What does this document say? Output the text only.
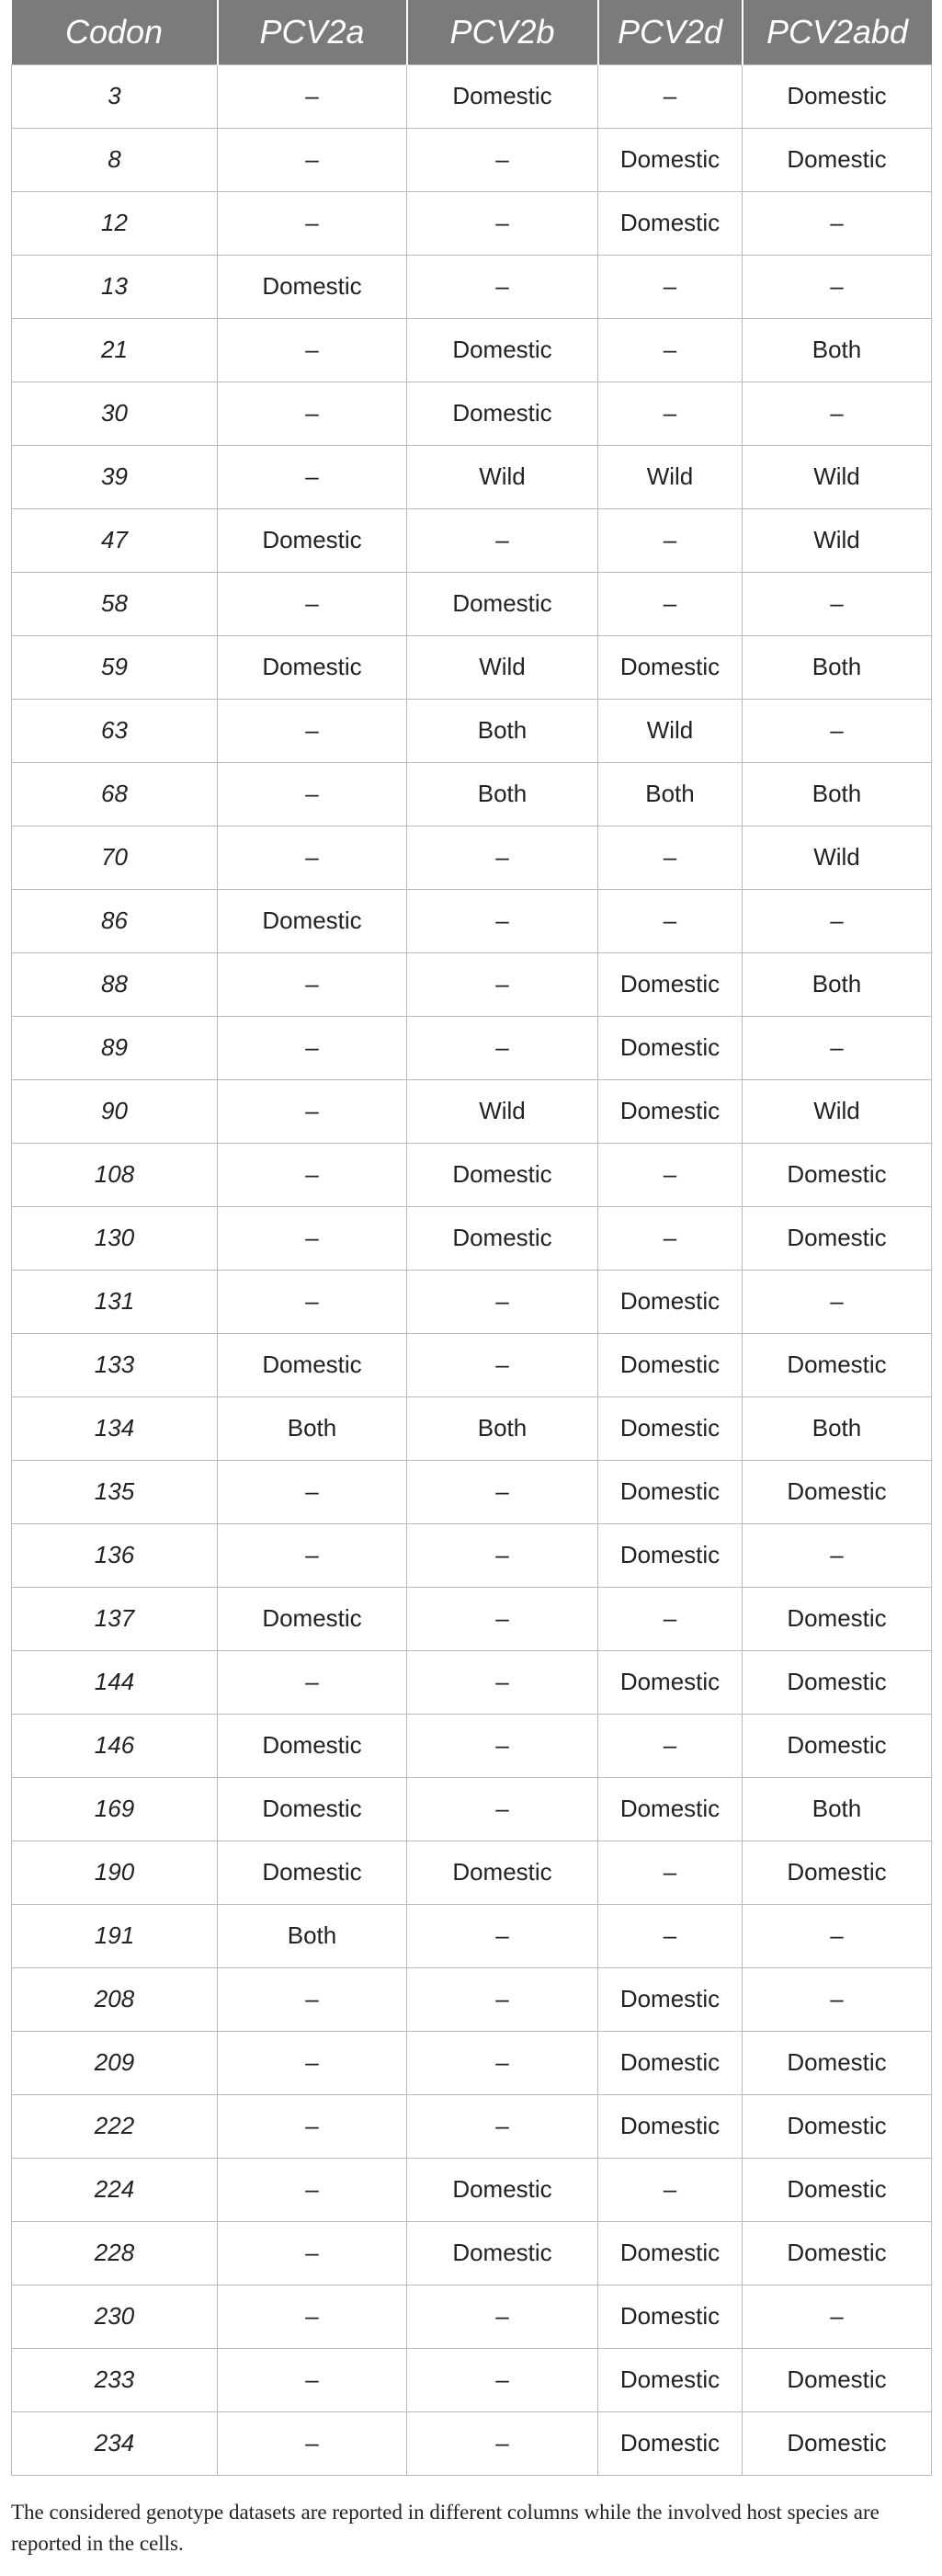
Codon	PCV2a	PCV2b	PCV2d	PCV2abd
3	–	Domestic	–	Domestic
8	–	–	Domestic	Domestic
12	–	–	Domestic	–
13	Domestic	–	–	–
21	–	Domestic	–	Both
30	–	Domestic	–	–
39	–	Wild	Wild	Wild
47	Domestic	–	–	Wild
58	–	Domestic	–	–
59	Domestic	Wild	Domestic	Both
63	–	Both	Wild	–
68	–	Both	Both	Both
70	–	–	–	Wild
86	Domestic	–	–	–
88	–	–	Domestic	Both
89	–	–	Domestic	–
90	–	Wild	Domestic	Wild
108	–	Domestic	–	Domestic
130	–	Domestic	–	Domestic
131	–	–	Domestic	–
133	Domestic	–	Domestic	Domestic
134	Both	Both	Domestic	Both
135	–	–	Domestic	Domestic
136	–	–	Domestic	–
137	Domestic	–	–	Domestic
144	–	–	Domestic	Domestic
146	Domestic	–	–	Domestic
169	Domestic	–	Domestic	Both
190	Domestic	Domestic	–	Domestic
191	Both	–	–	–
208	–	–	Domestic	–
209	–	–	Domestic	Domestic
222	–	–	Domestic	Domestic
224	–	Domestic	–	Domestic
228	–	Domestic	Domestic	Domestic
230	–	–	Domestic	–
233	–	–	Domestic	Domestic
234	–	–	Domestic	Domestic
The considered genotype datasets are reported in different columns while the involved host species are reported in the cells.
